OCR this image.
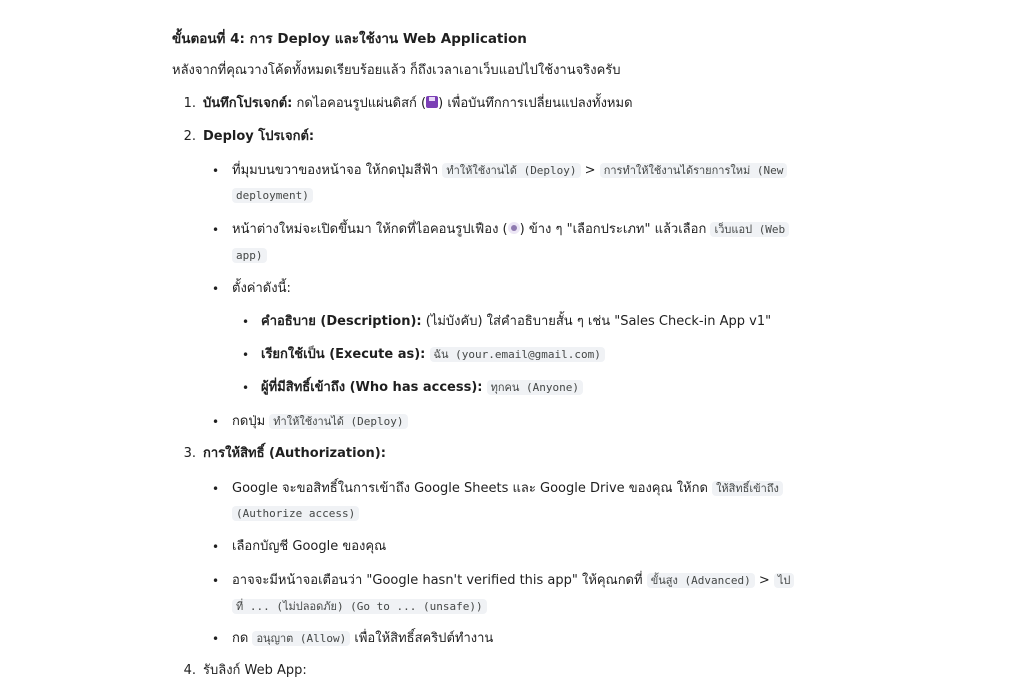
ขั้นตอนที่ 4: การ Deploy และใช้งาน Web Application
หลังจากที่คุณวางโค้ดทั้งหมดเรียบร้อยแล้ว ก็ถึงเวลาเอาเว็บแอปไปใช้งานจริงครับ
1. บันทึกโปรเจกต์: กดไอคอนรูปแผ่นดิสก์ ( ) เพื่อบันทึกการเปลี่ยนแปลงทั้งหมด
2. Deploy โปรเจกต์:
• ที่มุมบนขวาของหน้าจอ ให้กดปุ่มสีฟ้า ทำให้ใช้งานได้ (Deploy) > การทำให้ใช้งานได้รายการใหม่ (New
deployment)
• หน้าต่างใหม่จะเปิดขึ้นมา ให้กดที่ไอคอนรูปเฟือง ( ) ข้าง ๆ "เลือกประเภท" แล้วเลือก เว็บแอป (Web
app)
• ตั้งค่าดังนี้:
• คำอธิบาย (Description): (ไม่บังคับ) ใส่คำอธิบายสั้น ๆ เช่น "Sales Check-in App v1"
• เรียกใช้เป็น (Execute as): ฉัน (your.email@gmail.com)
• ผู้ที่มีสิทธิ์เข้าถึง (Who has access): ทุกคน (Anyone)
• กดปุ่ม ทำให้ใช้งานได้ (Deploy)
3. การให้สิทธิ์ (Authorization):
• Google จะขอสิทธิ์ในการเข้าถึง Google Sheets และ Google Drive ของคุณ ให้กด ให้สิทธิ์เข้าถึง
(Authorize access)
• เลือกบัญชี Google ของคุณ
• อาจจะมีหน้าจอเตือนว่า "Google hasn't verified this app" ให้คุณกดที่ ขั้นสูง (Advanced) > ไป
ที่ ... (ไม่ปลอดภัย) (Go to ... (unsafe))
• กด อนุญาต (Allow) เพื่อให้สิทธิ์สคริปต์ทำงาน
4. รับลิงก์ Web App:
